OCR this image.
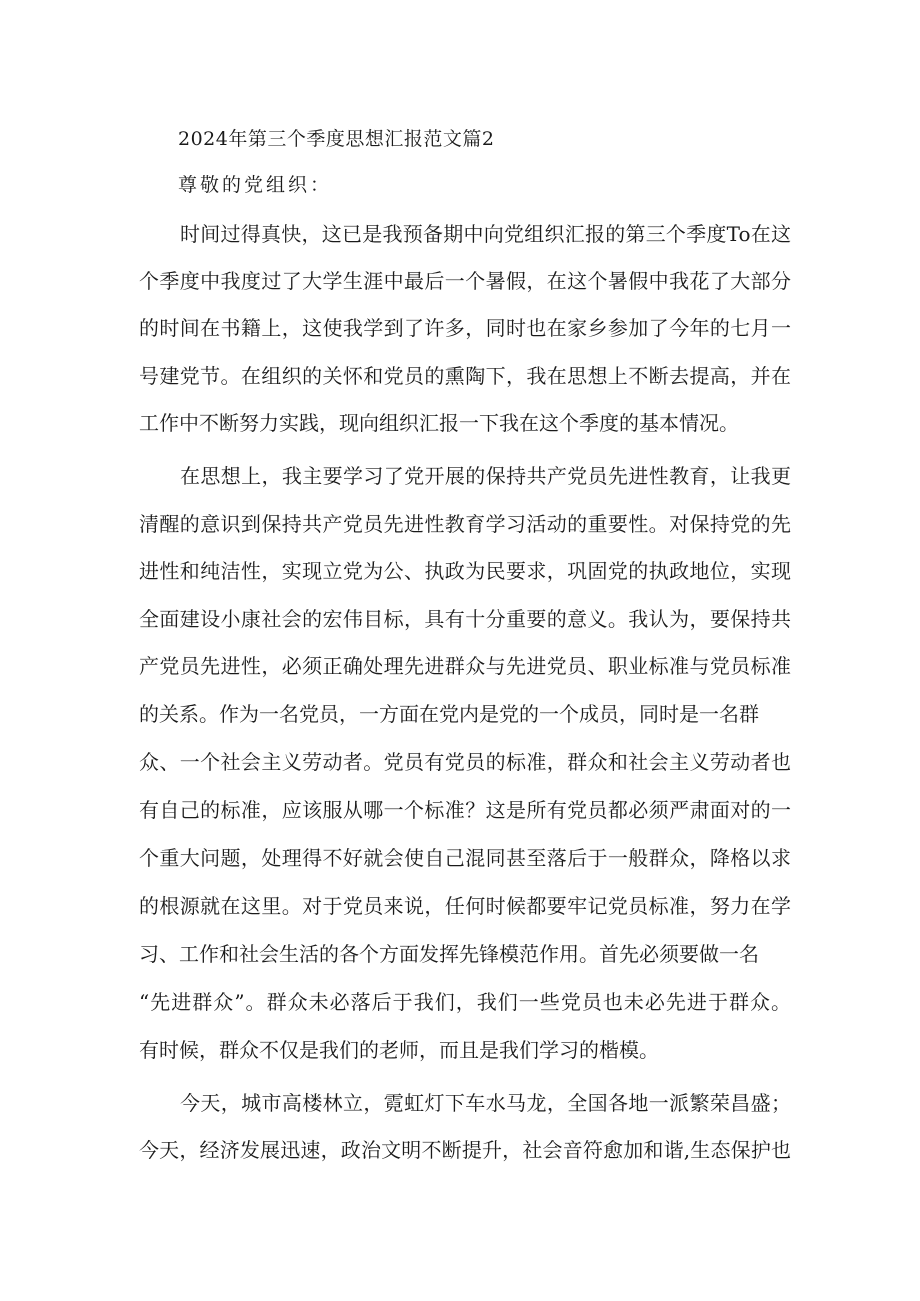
2024年第三个季度思想汇报范文篇2
尊敬的党组织：
时间过得真快，这已是我预备期中向党组织汇报的第三个季度To在这
个季度中我度过了大学生涯中最后一个暑假，在这个暑假中我花了大部分
的时间在书籍上，这使我学到了许多，同时也在家乡参加了今年的七月一
号建党节。在组织的关怀和党员的熏陶下，我在思想上不断去提高，并在
工作中不断努力实践，现向组织汇报一下我在这个季度的基本情况。
在思想上，我主要学习了党开展的保持共产党员先进性教育，让我更
清醒的意识到保持共产党员先进性教育学习活动的重要性。对保持党的先
进性和纯洁性，实现立党为公、执政为民要求，巩固党的执政地位，实现
全面建设小康社会的宏伟目标，具有十分重要的意义。我认为，要保持共
产党员先进性，必须正确处理先进群众与先进党员、职业标准与党员标准
的关系。作为一名党员，一方面在党内是党的一个成员，同时是一名群
众、一个社会主义劳动者。党员有党员的标准，群众和社会主义劳动者也
有自己的标准，应该服从哪一个标准？这是所有党员都必须严肃面对的一
个重大问题，处理得不好就会使自己混同甚至落后于一般群众，降格以求
的根源就在这里。对于党员来说，任何时候都要牢记党员标准，努力在学
习、工作和社会生活的各个方面发挥先锋模范作用。首先必须要做一名
“先进群众”。群众未必落后于我们，我们一些党员也未必先进于群众。
有时候，群众不仅是我们的老师，而且是我们学习的楷模。
今天，城市高楼林立，霓虹灯下车水马龙，全国各地一派繁荣昌盛；
今天，经济发展迅速，政治文明不断提升，社会音符愈加和谐,生态保护也
